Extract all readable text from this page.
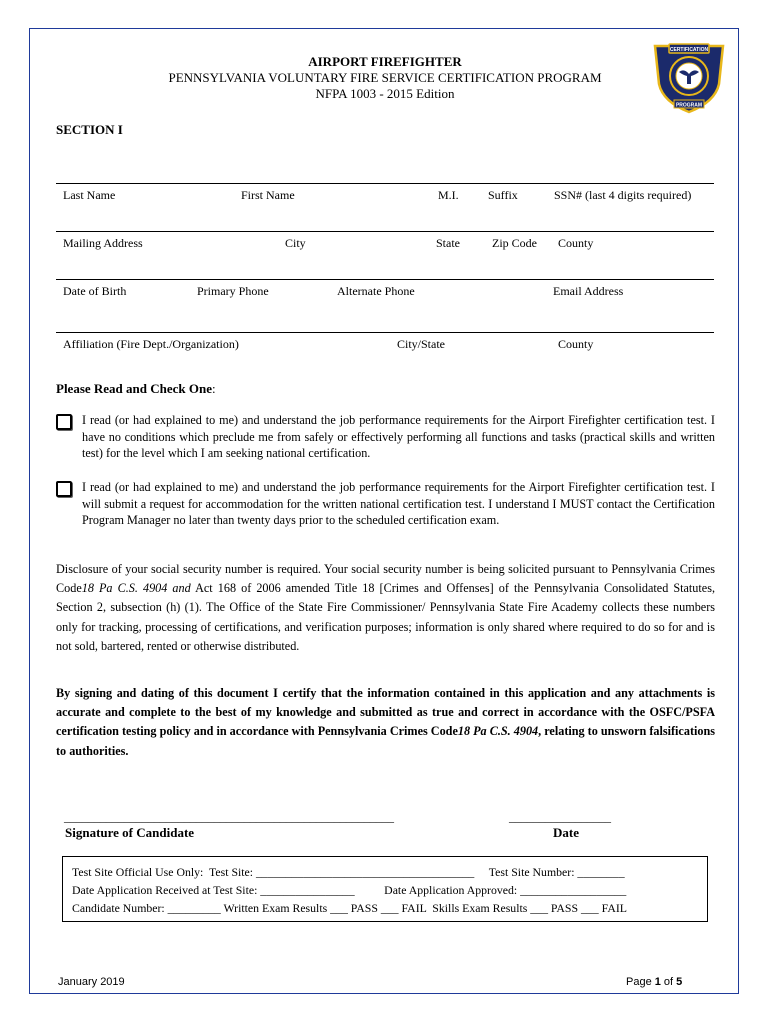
AIRPORT FIREFIGHTER
PENNSYLVANIA VOLUNTARY FIRE SERVICE CERTIFICATION PROGRAM
NFPA 1003 - 2015 Edition
CERTIFICATION
PROGRAM
SECTION I
Last Name	First Name	M.I. Suffix	SSN# (last 4 digits required)
Mailing Address	City	State	Zip Code County
Date of Birth	Primary Phone	Alternate Phone	Email Address
Affiliation (Fire Dept./Organization)	City/State	County
Please Read and Check One:
I read (or had explained to me) and understand the job performance requirements for the Airport Firefighter certification test. I have no conditions which preclude me from safely or effectively performing all functions and tasks (practical skills and written test) for the level which I am seeking national certification.
I read (or had explained to me) and understand the job performance requirements for the Airport Firefighter certification test. I will submit a request for accommodation for the written national certification test. I understand I MUST contact the Certification Program Manager no later than twenty days prior to the scheduled certification exam.
Disclosure of your social security number is required. Your social security number is being solicited pursuant to Pennsylvania Crimes Code18 Pa C.S. 4904 and Act 168 of 2006 amended Title 18 [Crimes and Offenses] of the Pennsylvania Consolidated Statutes, Section 2, subsection (h) (1). The Office of the State Fire Commissioner/ Pennsylvania State Fire Academy collects these numbers only for tracking, processing of certifications, and verification purposes; information is only shared where required to do so for and is not sold, bartered, rented or otherwise distributed.
By signing and dating of this document I certify that the information contained in this application and any attachments is accurate and complete to the best of my knowledge and submitted as true and correct in accordance with the OSFC/PSFA certification testing policy and in accordance with Pennsylvania Crimes Code18 Pa C.S. 4904, relating to unsworn falsifications to authorities.
_______________________________________________________	_________________
Signature of Candidate	Date
Test Site Official Use Only:  Test Site: _____________________________________     Test Site Number: ________
Date Application Received at Test Site: ________________          Date Application Approved: __________________
Candidate Number: _________ Written Exam Results ___ PASS ___ FAIL  Skills Exam Results ___ PASS ___ FAIL
January 2019	Page 1 of 5
